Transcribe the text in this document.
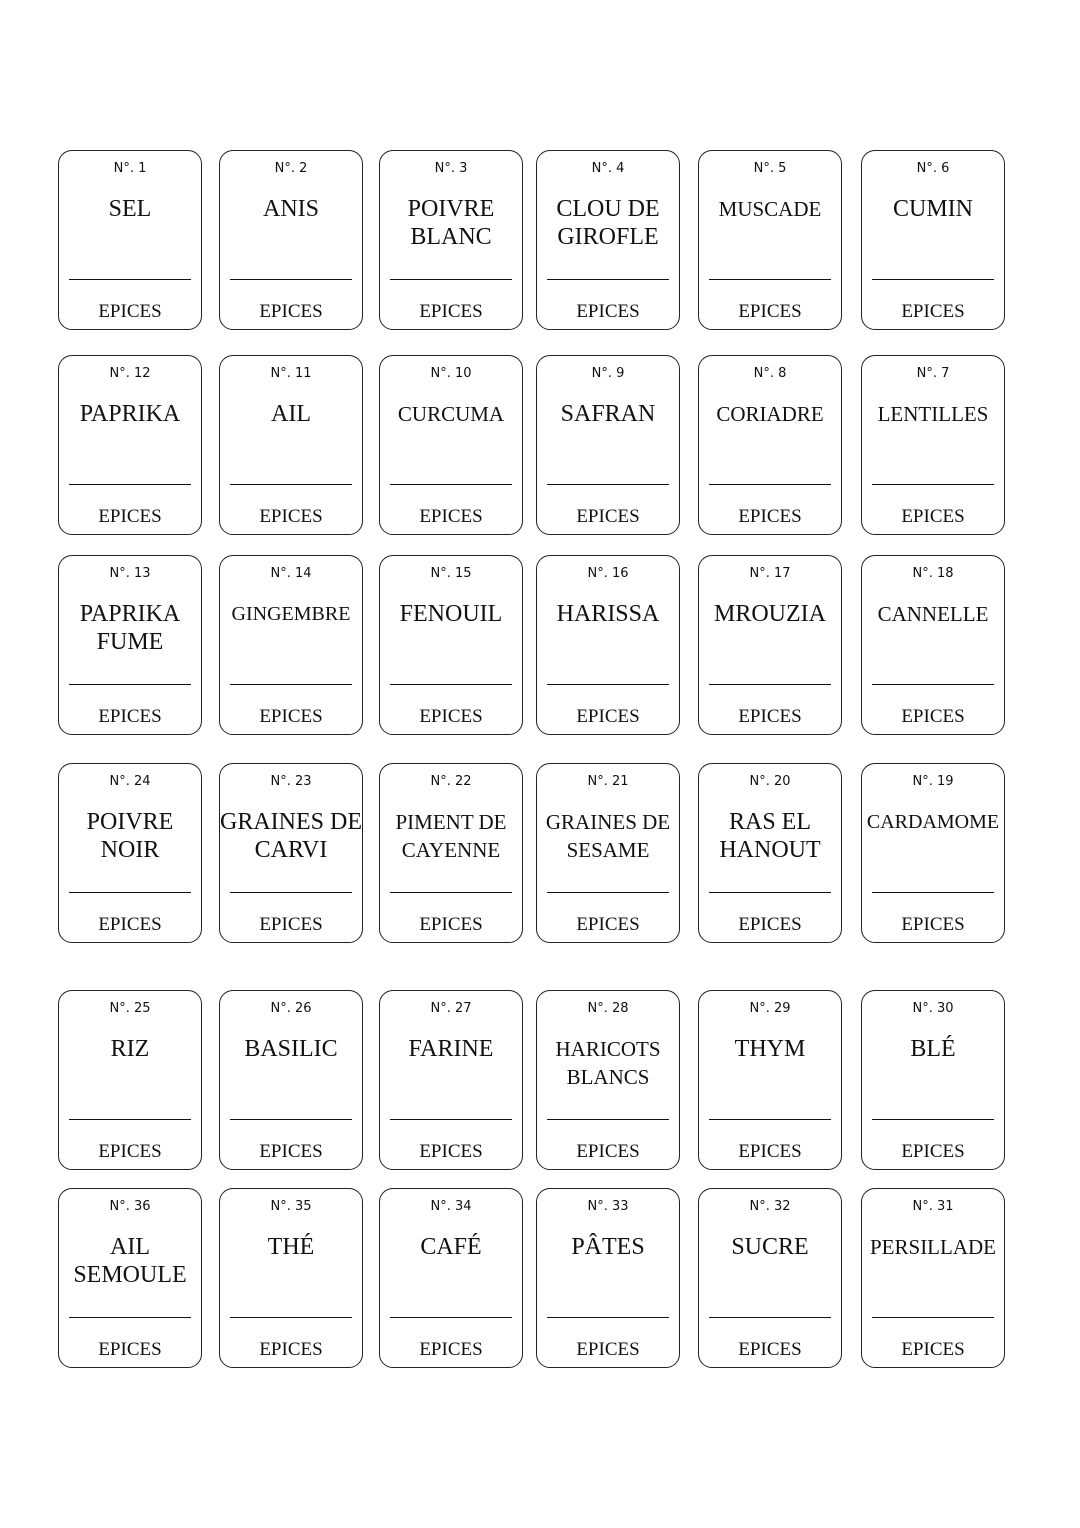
N°. 1
SEL
EPICES
N°. 2
ANIS
EPICES
N°. 3
POIVRE BLANC
EPICES
N°. 4
CLOU DE GIROFLE
EPICES
N°. 5
MUSCADE
EPICES
N°. 6
CUMIN
EPICES
N°. 12
PAPRIKA
EPICES
N°. 11
AIL
EPICES
N°. 10
CURCUMA
EPICES
N°. 9
SAFRAN
EPICES
N°. 8
CORIADRE
EPICES
N°. 7
LENTILLES
EPICES
N°. 13
PAPRIKA FUME
EPICES
N°. 14
GINGEMBRE
EPICES
N°. 15
FENOUIL
EPICES
N°. 16
HARISSA
EPICES
N°. 17
MROUZIA
EPICES
N°. 18
CANNELLE
EPICES
N°. 24
POIVRE NOIR
EPICES
N°. 23
GRAINES DE CARVI
EPICES
N°. 22
PIMENT DE CAYENNE
EPICES
N°. 21
GRAINES DE SESAME
EPICES
N°. 20
RAS EL HANOUT
EPICES
N°. 19
CARDAMOME
EPICES
N°. 25
RIZ
EPICES
N°. 26
BASILIC
EPICES
N°. 27
FARINE
EPICES
N°. 28
HARICOTS BLANCS
EPICES
N°. 29
THYM
EPICES
N°. 30
BLÉ
EPICES
N°. 36
AIL SEMOULE
EPICES
N°. 35
THÉ
EPICES
N°. 34
CAFÉ
EPICES
N°. 33
PÂTES
EPICES
N°. 32
SUCRE
EPICES
N°. 31
PERSILLADE
EPICES
